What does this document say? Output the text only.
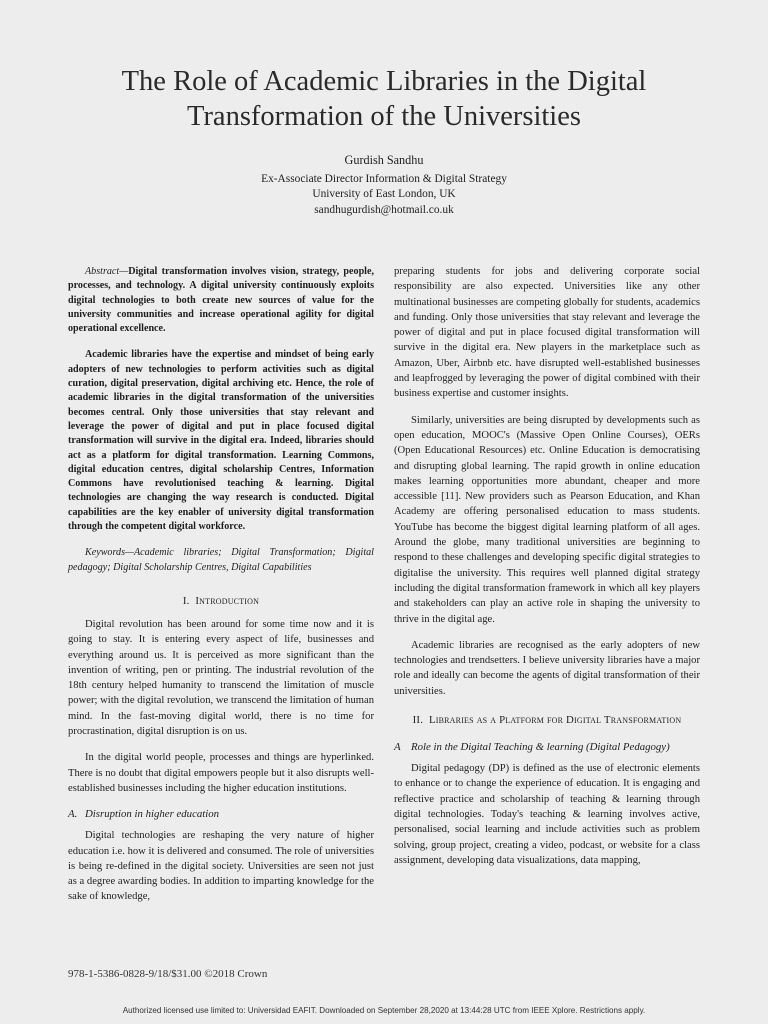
The Role of Academic Libraries in the Digital Transformation of the Universities
Gurdish Sandhu
Ex-Associate Director Information & Digital Strategy
University of East London, UK
sandhugurdish@hotmail.co.uk

Abstract—Digital transformation involves vision, strategy, people, processes, and technology. A digital university continuously exploits digital technologies to both create new sources of value for the university communities and increase operational agility for digital operational excellence.

Academic libraries have the expertise and mindset of being early adopters of new technologies to perform activities such as digital curation, digital preservation, digital archiving etc. Hence, the role of academic libraries in the digital transformation of the universities becomes central. Only those universities that stay relevant and leverage the power of digital and put in place focused digital transformation will survive in the digital era. Indeed, libraries should act as a platform for digital transformation. Learning Commons, digital education centres, digital scholarship Centres, Information Commons have revolutionised teaching & learning. Digital technologies are changing the way research is conducted. Digital capabilities are the key enabler of university digital transformation through the competent digital workforce.

Keywords—Academic libraries; Digital Transformation; Digital pedagogy; Digital Scholarship Centres, Digital Capabilities

I. Introduction

Digital revolution has been around for some time now and it is going to stay. It is entering every aspect of life, businesses and everything around us. It is perceived as more significant than the invention of writing, pen or printing. The industrial revolution of the 18th century helped humanity to transcend the limitation of muscle power; with the digital revolution, we transcend the limitation of human mind. In the fast-moving digital world, there is no time for procrastination, digital disruption is on us.

In the digital world people, processes and things are hyperlinked. There is no doubt that digital empowers people but it also disrupts well-established businesses including the higher education institutions.

A. Disruption in higher education

Digital technologies are reshaping the very nature of higher education i.e. how it is delivered and consumed. The role of universities is being re-defined in the digital society. Universities are seen not just as a degree awarding bodies. In addition to imparting knowledge for the sake of knowledge,

preparing students for jobs and delivering corporate social responsibility are also expected. Universities like any other multinational businesses are competing globally for students, academics and funding. Only those universities that stay relevant and leverage the power of digital and put in place focused digital transformation will survive in the digital era. New players in the marketplace such as Amazon, Uber, Airbnb etc. have disrupted well-established businesses and leapfrogged by leveraging the power of digital combined with their business expertise and customer insights.

Similarly, universities are being disrupted by developments such as open education, MOOC's (Massive Open Online Courses), OERs (Open Educational Resources) etc. Online Education is democratising and disrupting global learning. The rapid growth in online education makes learning opportunities more abundant, cheaper and more accessible [11]. New providers such as Pearson Education, and Khan Academy are offering personalised education to mass students. YouTube has become the biggest digital learning platform of all ages. Around the globe, many traditional universities are beginning to respond to these challenges and developing specific digital strategies to digitalise the university. This requires well planned digital strategy including the digital transformation framework in which all key players and stakeholders can play an active role in shaping the university to thrive in the digital age.

Academic libraries are recognised as the early adopters of new technologies and trendsetters. I believe university libraries have a major role and ideally can become the agents of digital transformation of their universities.

II. Libraries as a Platform for Digital Transformation
A Role in the Digital Teaching & learning (Digital Pedagogy)

Digital pedagogy (DP) is defined as the use of electronic elements to enhance or to change the experience of education. It is engaging and reflective practice and scholarship of teaching & learning through digital technologies. Today's teaching & learning involves active, personalised, social learning and include activities such as problem solving, group project, creating a video, podcast, or website for a class assignment, developing data visualizations, data mapping,

978-1-5386-0828-9/18/$31.00 ©2018 Crown
Authorized licensed use limited to: Universidad EAFIT. Downloaded on September 28,2020 at 13:44:28 UTC from IEEE Xplore. Restrictions apply.
